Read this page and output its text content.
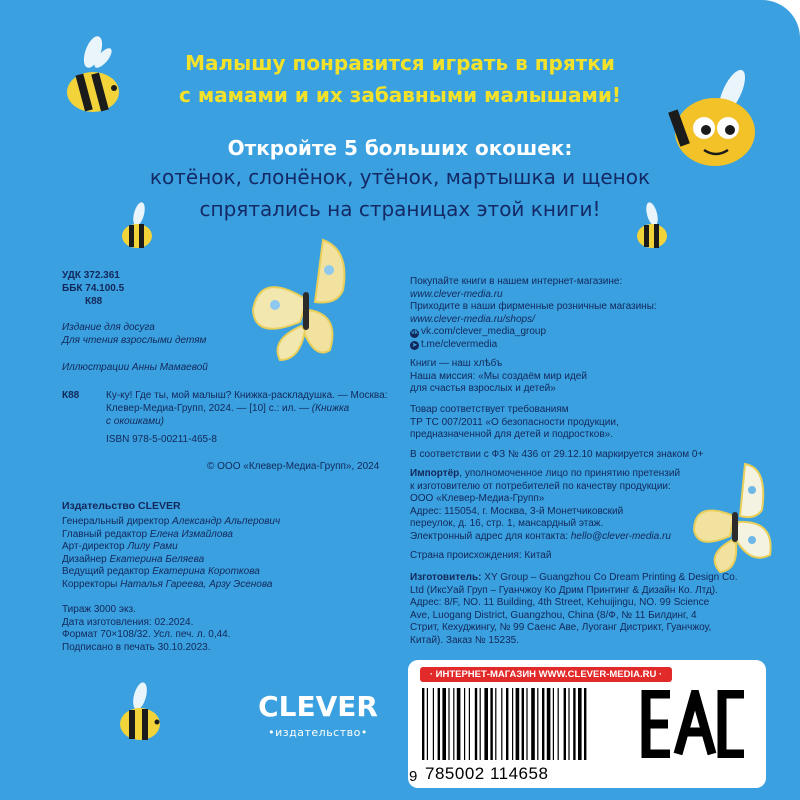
Малышу понравится играть в прятки
с мамами и их забавными малышами!
Откройте 5 больших окошек:
котёнок, слонёнок, утёнок, мартышка и щенок
спрятались на страницах этой книги!
УДК 372.361
ББК 74.100.5
К88
Издание для досуга
Для чтения взрослыми детям
Иллюстрации Анны Мамаевой
К88	Ку-ку! Где ты, мой малыш? Книжка-раскладушка. — Москва:
Клевер-Медиа-Групп, 2024. — [10] с.: ил. — (Книжка
с окошками)
ISBN 978-5-00211-465-8
© ООО «Клевер-Медиа-Групп», 2024
Издательство CLEVER
Генеральный директор Александр Альперович
Главный редактор Елена Измайлова
Арт-директор Лилу Рами
Дизайнер Екатерина Беляева
Ведущий редактор Екатерина Короткова
Корректоры Наталья Гареева, Арзу Эсенова
Тираж 3000 экз.
Дата изготовления: 02.2024.
Формат 70×108/32. Усл. печ. л. 0,44.
Подписано в печать 30.10.2023.
Покупайте книги в нашем интернет-магазине:
www.clever-media.ru
Приходите в наши фирменные розничные магазины:
www.clever-media.ru/shops/
vk vk.com/clever_media_group
➤ t.me/clevermedia
Книги — наш хлѣбъ
Наша миссия: «Мы создаём мир идей
для счастья взрослых и детей»
Товар соответствует требованиям
ТР ТС 007/2011 «О безопасности продукции,
предназначенной для детей и подростков».
В соответствии с ФЗ № 436 от 29.12.10 маркируется знаком 0+
Импортёр, уполномоченное лицо по принятию претензий
к изготовителю от потребителей по качеству продукции:
ООО «Клевер-Медиа-Групп»
Адрес: 115054, г. Москва, 3-й Монетчиковский
переулок, д. 16, стр. 1, мансардный этаж.
Электронный адрес для контакта: hello@clever-media.ru
Страна происхождения: Китай
Изготовитель: XY Group – Guangzhou Co Dream Printing & Design Co.
Ltd (ИксУай Груп – Гуанчжоу Ко Дрим Принтинг & Дизайн Ко. Лтд).
Адрес: 8/F, NO. 11 Building, 4th Street, Kehuijingu, NO. 99 Science
Ave, Luogang District, Guangzhou, China (8/Ф, № 11 Билдинг, 4
Стрит, Кехуджингу, № 99 Саенс Аве, Луоганг Дистрикт, Гуанчжоу,
Китай). Заказ № 15235.
· ИНТЕРНЕТ-МАГАЗИН WWW.CLEVER-MEDIA.RU ·
9 785002 114658
CLEVER
•издательство•
